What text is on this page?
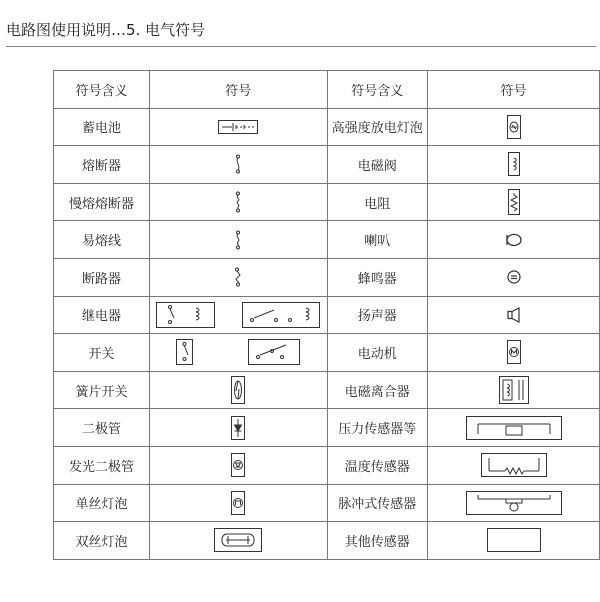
电路图使用说明…5. 电气符号
符号含义	符号	符号含义	符号
蓄电池		高强度放电灯泡	

熔断器		电磁阀	

慢熔熔断器		电阻	

易熔线		喇叭	

断路器		蜂鸣器	

继电器		扬声器	

开关		电动机	

簧片开关		电磁离合器	

二极管		压力传感器等	

发光二极管		温度传感器	

单丝灯泡		脉冲式传感器	

双丝灯泡		其他传感器	
